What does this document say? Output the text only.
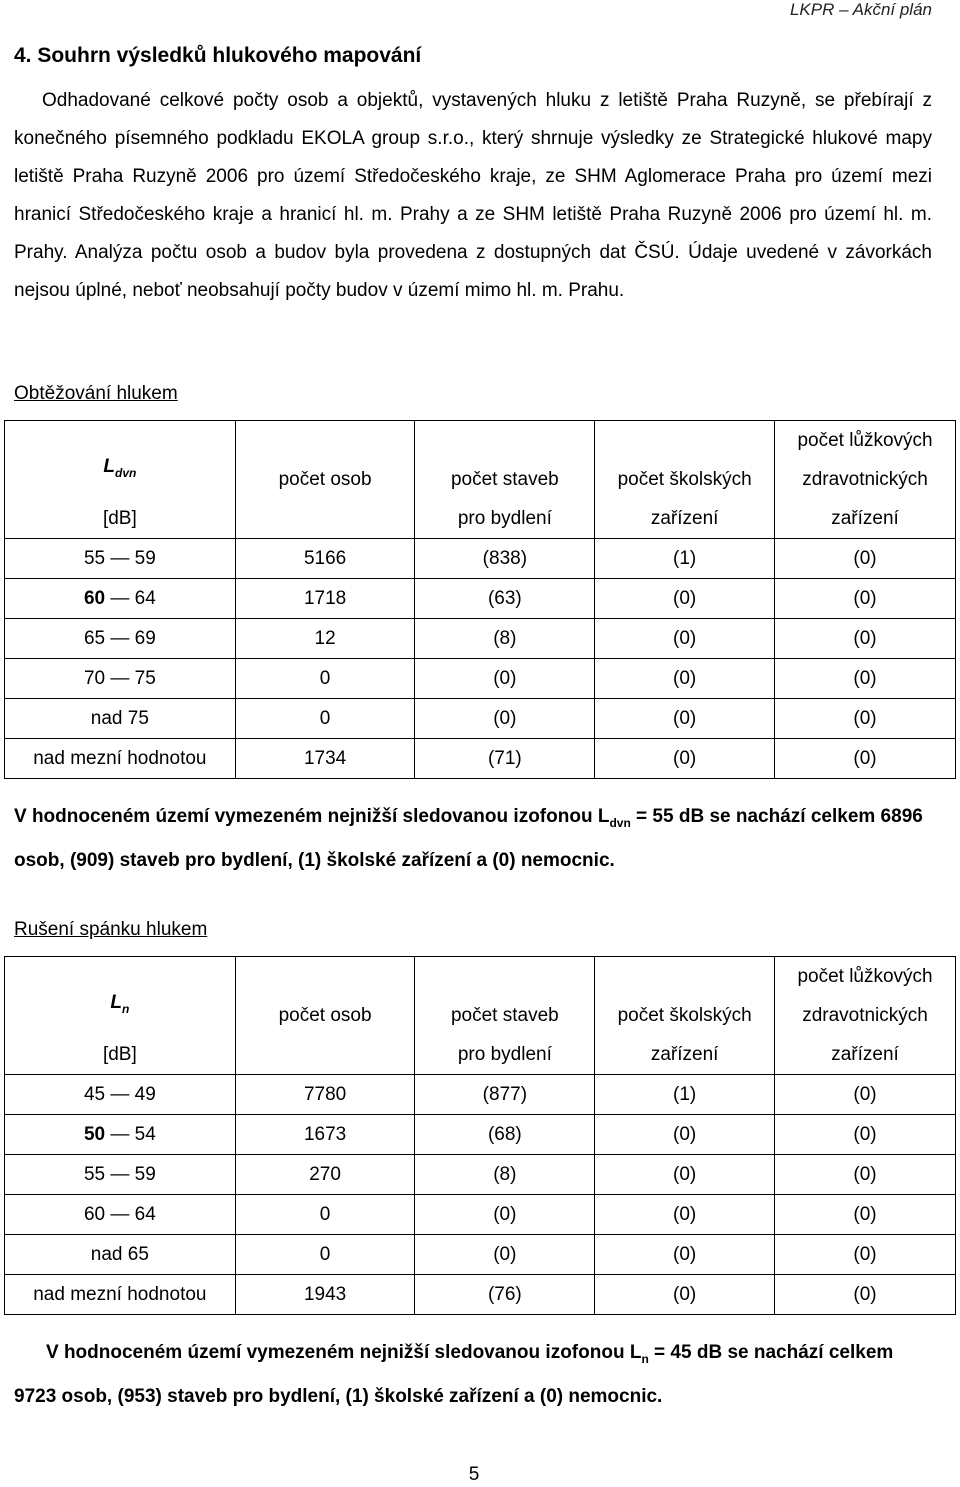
LKPR – Akční plán
4. Souhrn výsledků hlukového mapování
Odhadované celkové počty osob a objektů, vystavených hluku z letiště Praha Ruzyně, se přebírají z konečného písemného podkladu EKOLA group s.r.o., který shrnuje výsledky ze Strategické hlukové mapy letiště Praha Ruzyně 2006 pro území Středočeského kraje, ze SHM Aglomerace Praha pro území mezi hranicí Středočeského kraje a hranicí hl. m. Prahy a ze SHM letiště Praha Ruzyně 2006 pro území hl. m. Prahy. Analýza počtu osob a budov byla provedena z dostupných dat ČSÚ. Údaje uvedené v závorkách nejsou úplné, neboť neobsahují počty budov v území mimo hl. m. Prahu.
Obtěžování hlukem
				počet lůžkových
$L_{dvn}$	počet osob	počet staveb	počet školských	zdravotnických
[dB]		pro bydlení	zařízení	zařízení
55 — 59	5166	(838)	(1)	(0)
60 — 64	1718	(63)	(0)	(0)
65 — 69	12	(8)	(0)	(0)
70 — 75	0	(0)	(0)	(0)
nad 75	0	(0)	(0)	(0)
nad mezní hodnotou	1734	(71)	(0)	(0)
V hodnoceném území vymezeném nejnižší sledovanou izofonou $L_{dvn} = 55$ dB se nachází celkem 6896 osob, (909) staveb pro bydlení, (1) školské zařízení a (0) nemocnic.
Rušení spánku hlukem
				počet lůžkových
$L_n$	počet osob	počet staveb	počet školských	zdravotnických
[dB]		pro bydlení	zařízení	zařízení
45 — 49	7780	(877)	(1)	(0)
50 — 54	1673	(68)	(0)	(0)
55 — 59	270	(8)	(0)	(0)
60 — 64	0	(0)	(0)	(0)
nad 65	0	(0)	(0)	(0)
nad mezní hodnotou	1943	(76)	(0)	(0)
V hodnoceném území vymezeném nejnižší sledovanou izofonou $L_n = 45$ dB se nachází celkem 9723 osob, (953) staveb pro bydlení, (1) školské zařízení a (0) nemocnic.
5
